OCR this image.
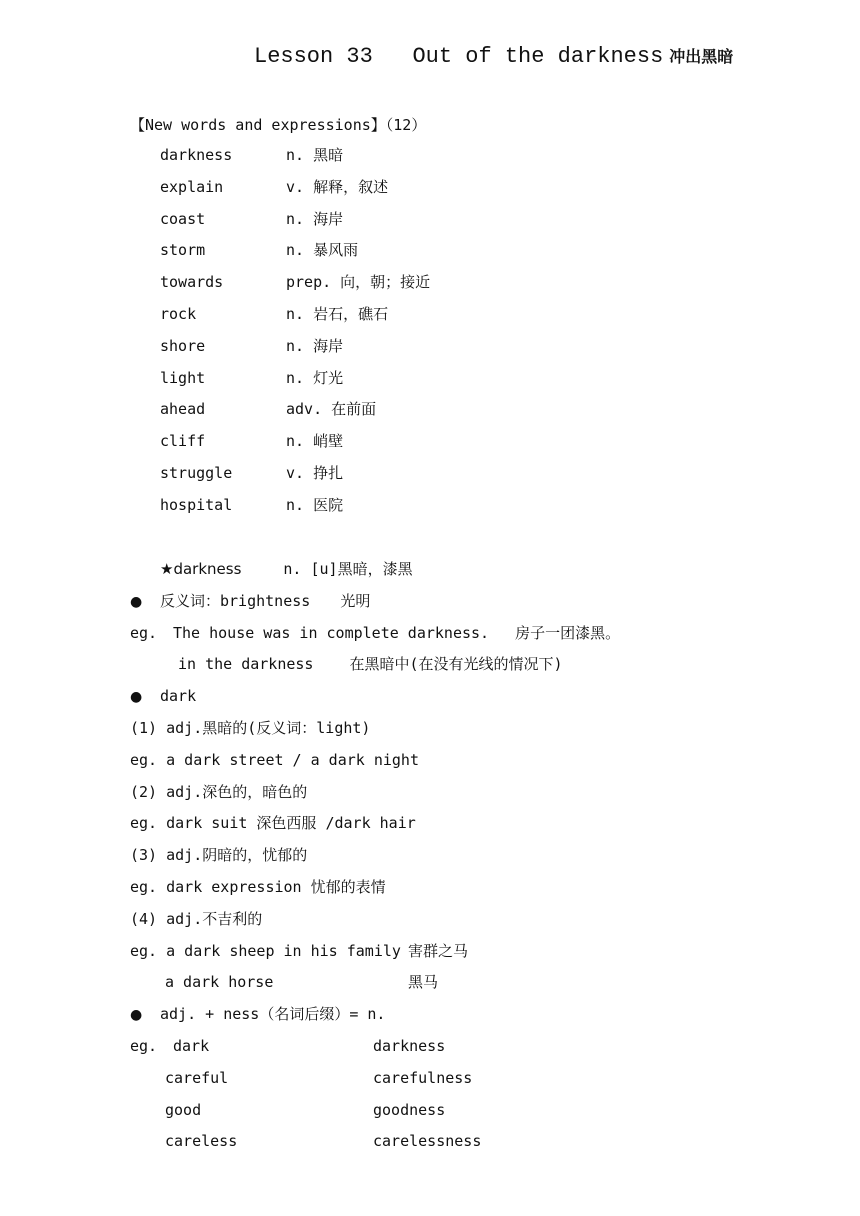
Lesson 33 Out of the darkness 冲出黑暗
【New words and expressions】（12）
darkness	n. 黑暗
explain	v. 解释，叙述
coast	n. 海岸
storm	n. 暴风雨
towards	prep. 向，朝；接近
rock	n. 岩石，礁石
shore	n. 海岸
light	n. 灯光
ahead	adv. 在前面
cliff	n. 峭壁
struggle	v. 挣扎
hospital	n. 医院
★darkness	n. [u]黑暗，漆黑
● 反义词：brightness 光明
eg. The house was in complete darkness. 房子一团漆黑。
in the darkness 在黑暗中(在没有光线的情况下)
● dark
(1) adj.黑暗的(反义词：light)
eg. a dark street / a dark night
(2) adj.深色的，暗色的
eg. dark suit 深色西服 /dark hair
(3) adj.阴暗的，忧郁的
eg. dark expression 忧郁的表情
(4) adj.不吉利的
eg. a dark sheep in his family 害群之马
a dark horse	黑马
● adj. + ness（名词后缀）= n.
eg. dark	darkness
careful	carefulness
good	goodness
careless	carelessness
